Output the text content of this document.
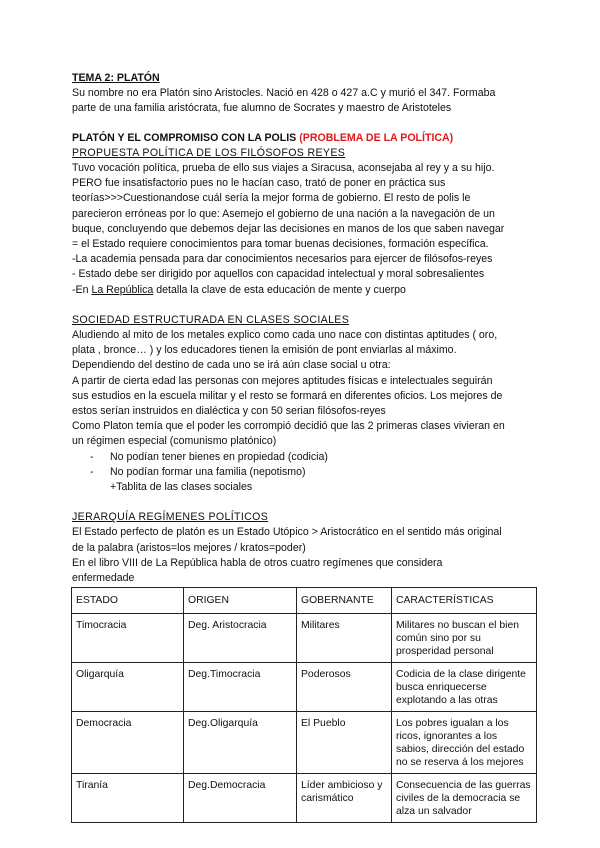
TEMA 2: PLATÓN

Su nombre no era Platón sino Aristocles. Nació en 428 o 427 a.C y murió el 347. Formaba

parte de una familia aristócrata, fue alumno de Socrates y maestro de Aristoteles

PLATÓN Y EL COMPROMISO CON LA POLIS (PROBLEMA DE LA POLÍTICA)

PROPUESTA POLÍTICA DE LOS FILÓSOFOS REYES

Tuvo vocación política, prueba de ello sus viajes a Siracusa, aconsejaba al rey y a su hijo.

PERO fue insatisfactorio pues no le hacían caso, trató de poner en práctica sus

teorías>>>Cuestionandose cuál sería la mejor forma de gobierno. El resto de polis le

parecieron erróneas por lo que: Asemejo el gobierno de una nación a la navegación de un

buque, concluyendo que debemos dejar las decisiones en manos de los que saben navegar

= el Estado requiere conocimientos para tomar buenas decisiones, formación específica.

-La academia pensada para dar conocimientos necesarios para ejercer de filósofos-reyes

- Estado debe ser dirigido por aquellos con capacidad intelectual y moral sobresalientes

-En La República detalla la clave de esta educación de mente y cuerpo

SOCIEDAD ESTRUCTURADA EN CLASES SOCIALES

Aludiendo al mito de los metales explico como cada uno nace con distintas aptitudes ( oro,

plata , bronce… ) y los educadores tienen la emisión de pont enviarlas al máximo.

Dependiendo del destino de cada uno se irá aún clase social u otra:

A partir de cierta edad las personas con mejores aptitudes físicas e intelectuales seguirán

sus estudios en la escuela militar y el resto se formará en diferentes oficios. Los mejores de

estos serían instruidos en dialéctica y con 50 serian filósofos-reyes

Como Platon temía que el poder les corrompió decidió que las 2 primeras clases vivieran en

un régimen especial (comunismo platónico)

- No podían tener bienes en propiedad (codicia)
- No podían formar una familia (nepotismo)

+Tablita de las clases sociales

JERARQUÍA REGÍMENES POLÍTICOS

El Estado perfecto de platón es un Estado Utópico > Aristocrático en el sentido más original

de la palabra (aristos=los mejores / kratos=poder)

En el libro VIII de La República habla de otros cuatro regímenes que considera

enfermedade

ESTADO	ORIGEN	GOBERNANTE	CARACTERÍSTICAS
Timocracia	Deg. Aristocracia	Militares	Militares no buscan el bien común sino por su prosperidad personal
Oligarquía	Deg.Timocracia	Poderosos	Codicia de la clase dirigente busca enriquecerse explotando a las otras
Democracia	Deg.Oligarquía	El Pueblo	Los pobres igualan a los ricos, ignorantes a los sabios, dirección del estado no se reserva á los mejores
Tiranía	Deg.Democracia	Líder ambicioso y carismático	Consecuencia de las guerras civiles de la democracia se alza un salvador
